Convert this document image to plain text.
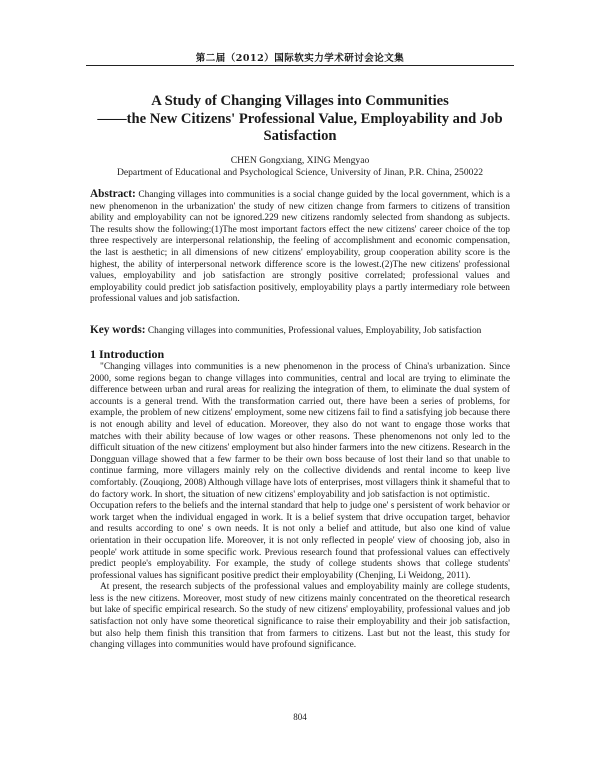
第二届（2012）国际软实力学术研讨会论文集
A Study of Changing Villages into Communities
——the New Citizens' Professional Value, Employability and Job
Satisfaction
CHEN Gongxiang, XING Mengyao
Department of Educational and Psychological Science, University of Jinan, P.R. China, 250022
Abstract: Changing villages into communities is a social change guided by the local government, which is a new phenomenon in the urbanization' the study of new citizen change from farmers to citizens of transition ability and employability can not be ignored.229 new citizens randomly selected from shandong as subjects. The results show the following:(1)The most important factors effect the new citizens' career choice of the top three respectively are interpersonal relationship, the feeling of accomplishment and economic compensation, the last is aesthetic; in all dimensions of new citizens' employability, group cooperation ability score is the highest, the ability of interpersonal network difference score is the lowest.(2)The new citizens' professional values, employability and job satisfaction are strongly positive correlated; professional values and employability could predict job satisfaction positively, employability plays a partly intermediary role between professional values and job satisfaction.
Key words: Changing villages into communities, Professional values, Employability, Job satisfaction
1 Introduction

"Changing villages into communities is a new phenomenon in the process of China's urbanization. Since 2000, some regions began to change villages into communities, central and local are trying to eliminate the difference between urban and rural areas for realizing the integration of them, to eliminate the dual system of accounts is a general trend. With the transformation carried out, there have been a series of problems, for example, the problem of new citizens' employment, some new citizens fail to find a satisfying job because there is not enough ability and level of education. Moreover, they also do not want to engage those works that matches with their ability because of low wages or other reasons. These phenomenons not only led to the difficult situation of the new citizens' employment but also hinder farmers into the new citizens. Research in the Dongguan village showed that a few farmer to be their own boss because of lost their land so that unable to continue farming, more villagers mainly rely on the collective dividends and rental income to keep live comfortably. (Zouqiong, 2008) Although village have lots of enterprises, most villagers think it shameful that to do factory work. In short, the situation of new citizens' employability and job satisfaction is not optimistic.

Occupation refers to the beliefs and the internal standard that help to judge one' s persistent of work behavior or work target when the individual engaged in work. It is a belief system that drive occupation target, behavior and results according to one' s own needs. It is not only a belief and attitude, but also one kind of value orientation in their occupation life. Moreover, it is not only reflected in people' view of choosing job, also in people' work attitude in some specific work. Previous research found that professional values can effectively predict people's employability. For example, the study of college students shows that college students' professional values has significant positive predict their employability (Chenjing, Li Weidong, 2011).

At present, the research subjects of the professional values and employability mainly are college students, less is the new citizens. Moreover, most study of new citizens mainly concentrated on the theoretical research but lake of specific empirical research. So the study of new citizens' employability, professional values and job satisfaction not only have some theoretical significance to raise their employability and their job satisfaction, but also help them finish this transition that from farmers to citizens. Last but not the least, this study for changing villages into communities would have profound significance.

804
